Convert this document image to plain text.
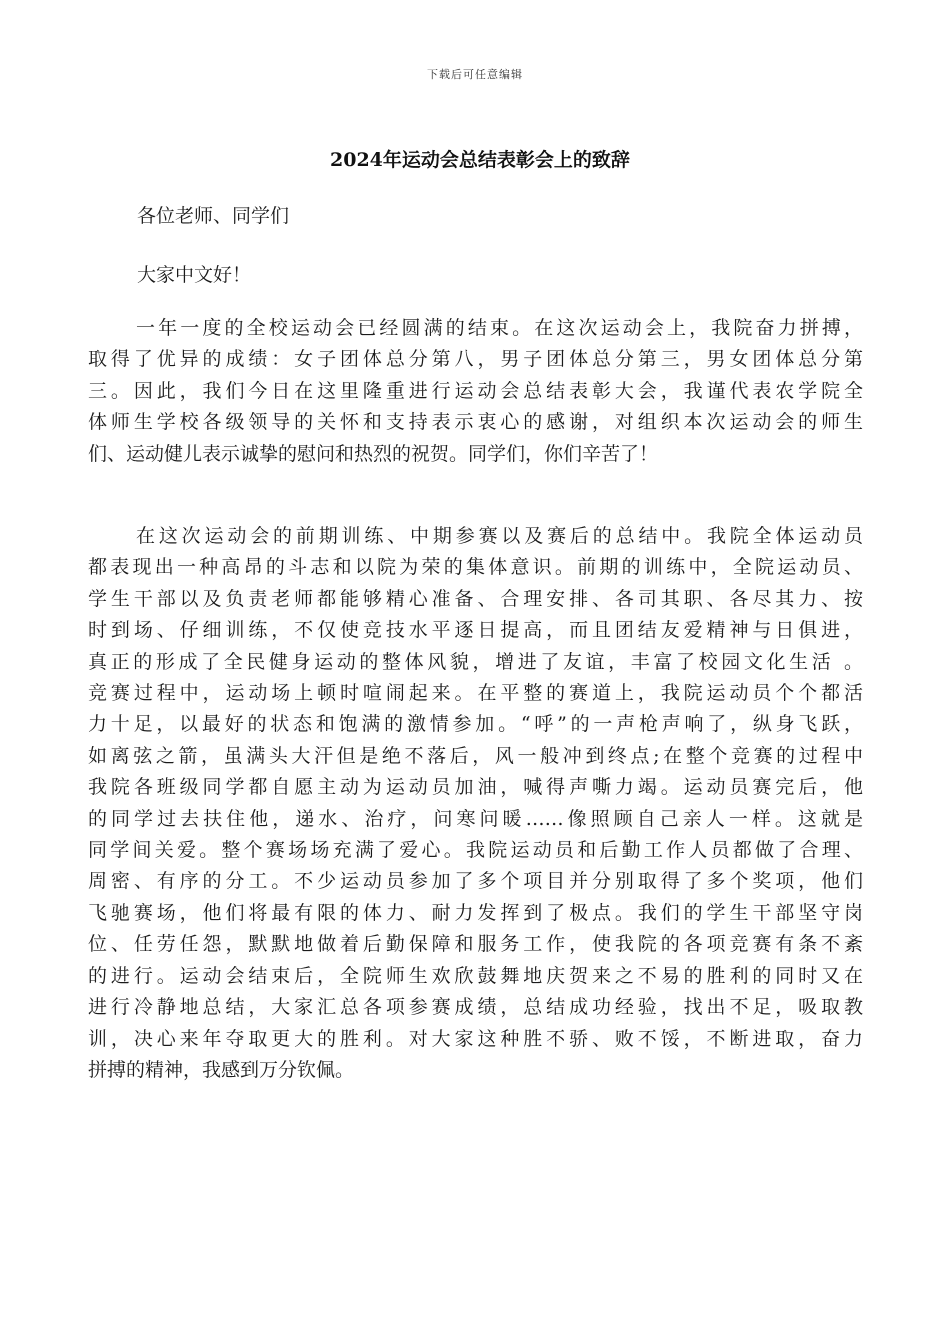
下载后可任意编辑
2024年运动会总结表彰会上的致辞
各位老师、同学们
大家中文好！
一年一度的全校运动会已经圆满的结束。在这次运动会上，我院奋力拼搏，
取得了优异的成绩：女子团体总分第八，男子团体总分第三，男女团体总分第
三。因此，我们今日在这里隆重进行运动会总结表彰大会，我谨代表农学院全
体师生学校各级领导的关怀和支持表示衷心的感谢，对组织本次运动会的师生
们、运动健儿表示诚挚的慰问和热烈的祝贺。同学们，你们辛苦了！
在这次运动会的前期训练、中期参赛以及赛后的总结中。我院全体运动员
都表现出一种高昂的斗志和以院为荣的集体意识。前期的训练中，全院运动员、
学生干部以及负责老师都能够精心准备、合理安排、各司其职、各尽其力、按
时到场、仔细训练，不仅使竞技水平逐日提高，而且团结友爱精神与日俱进，
真正的形成了全民健身运动的整体风貌，增进了友谊，丰富了校园文化生活 。
竞赛过程中，运动场上顿时喧闹起来。在平整的赛道上，我院运动员个个都活
力十足，以最好的状态和饱满的激情参加。“呼”的一声枪声响了，纵身飞跃，
如离弦之箭，虽满头大汗但是绝不落后，风一般冲到终点;在整个竞赛的过程中
我院各班级同学都自愿主动为运动员加油，喊得声嘶力竭。运动员赛完后，他
的同学过去扶住他，递水、治疗，问寒问暖……像照顾自己亲人一样。这就是
同学间关爱。整个赛场场充满了爱心。我院运动员和后勤工作人员都做了合理、
周密、有序的分工。不少运动员参加了多个项目并分别取得了多个奖项，他们
飞驰赛场，他们将最有限的体力、耐力发挥到了极点。我们的学生干部坚守岗
位、任劳任怨，默默地做着后勤保障和服务工作，使我院的各项竞赛有条不紊
的进行。运动会结束后，全院师生欢欣鼓舞地庆贺来之不易的胜利的同时又在
进行冷静地总结，大家汇总各项参赛成绩，总结成功经验，找出不足，吸取教
训，决心来年夺取更大的胜利。对大家这种胜不骄、败不馁，不断进取，奋力
拼搏的精神，我感到万分钦佩。
